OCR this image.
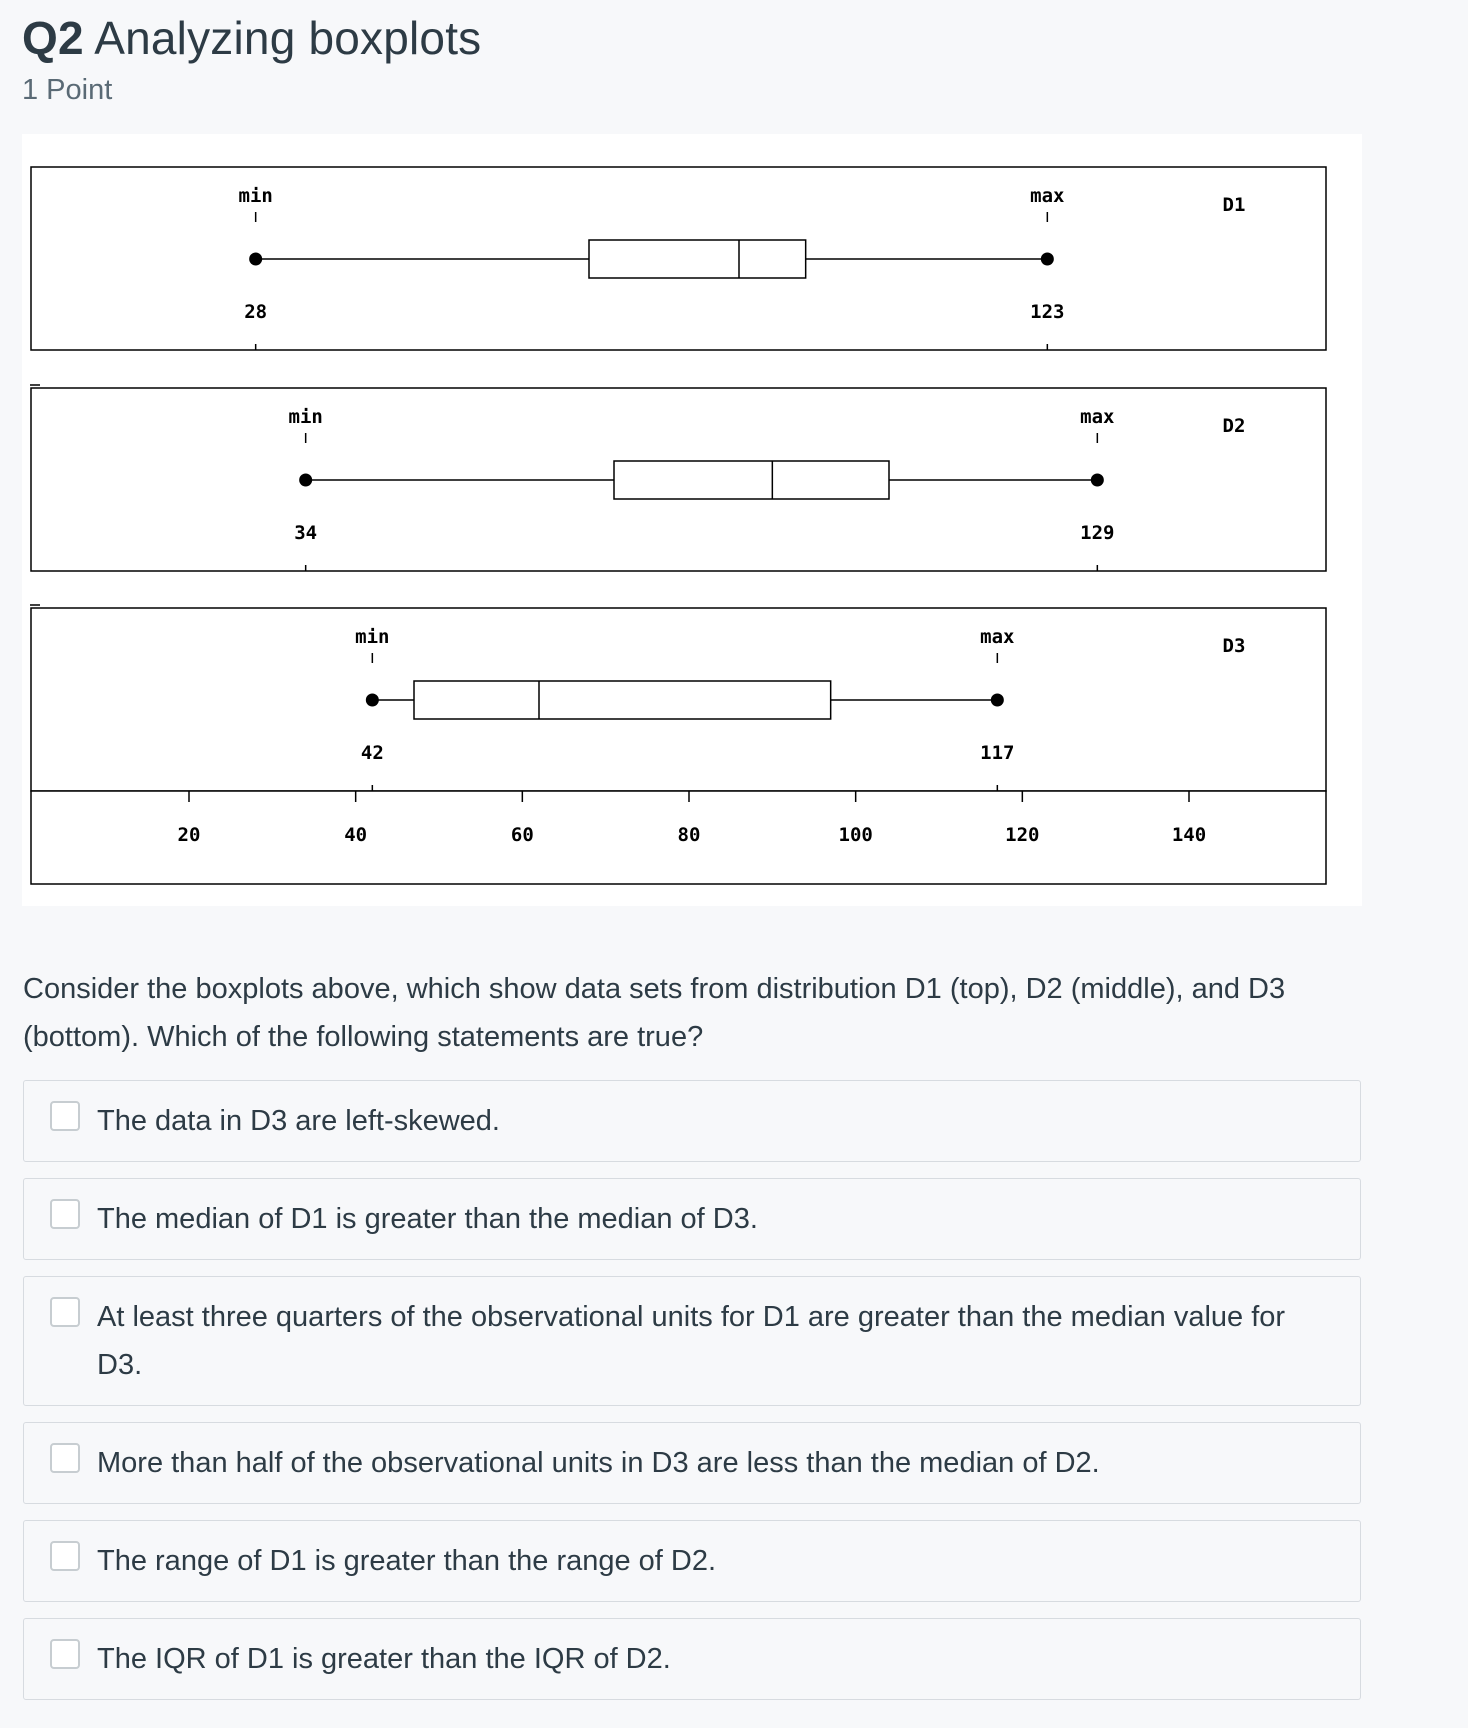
Q2 Analyzing boxplots
1 Point
min	max	D1
28	123
min	max	D2
34	129
min	max	D3
42	117
20	40	60	80	100	120	140

Consider the boxplots above, which show data sets from distribution D1 (top), D2 (middle), and D3 (bottom). Which of the following statements are true?

The data in D3 are left-skewed.
The median of D1 is greater than the median of D3.
At least three quarters of the observational units for D1 are greater than the median value for D3.
More than half of the observational units in D3 are less than the median of D2.
The range of D1 is greater than the range of D2.
The IQR of D1 is greater than the IQR of D2.
